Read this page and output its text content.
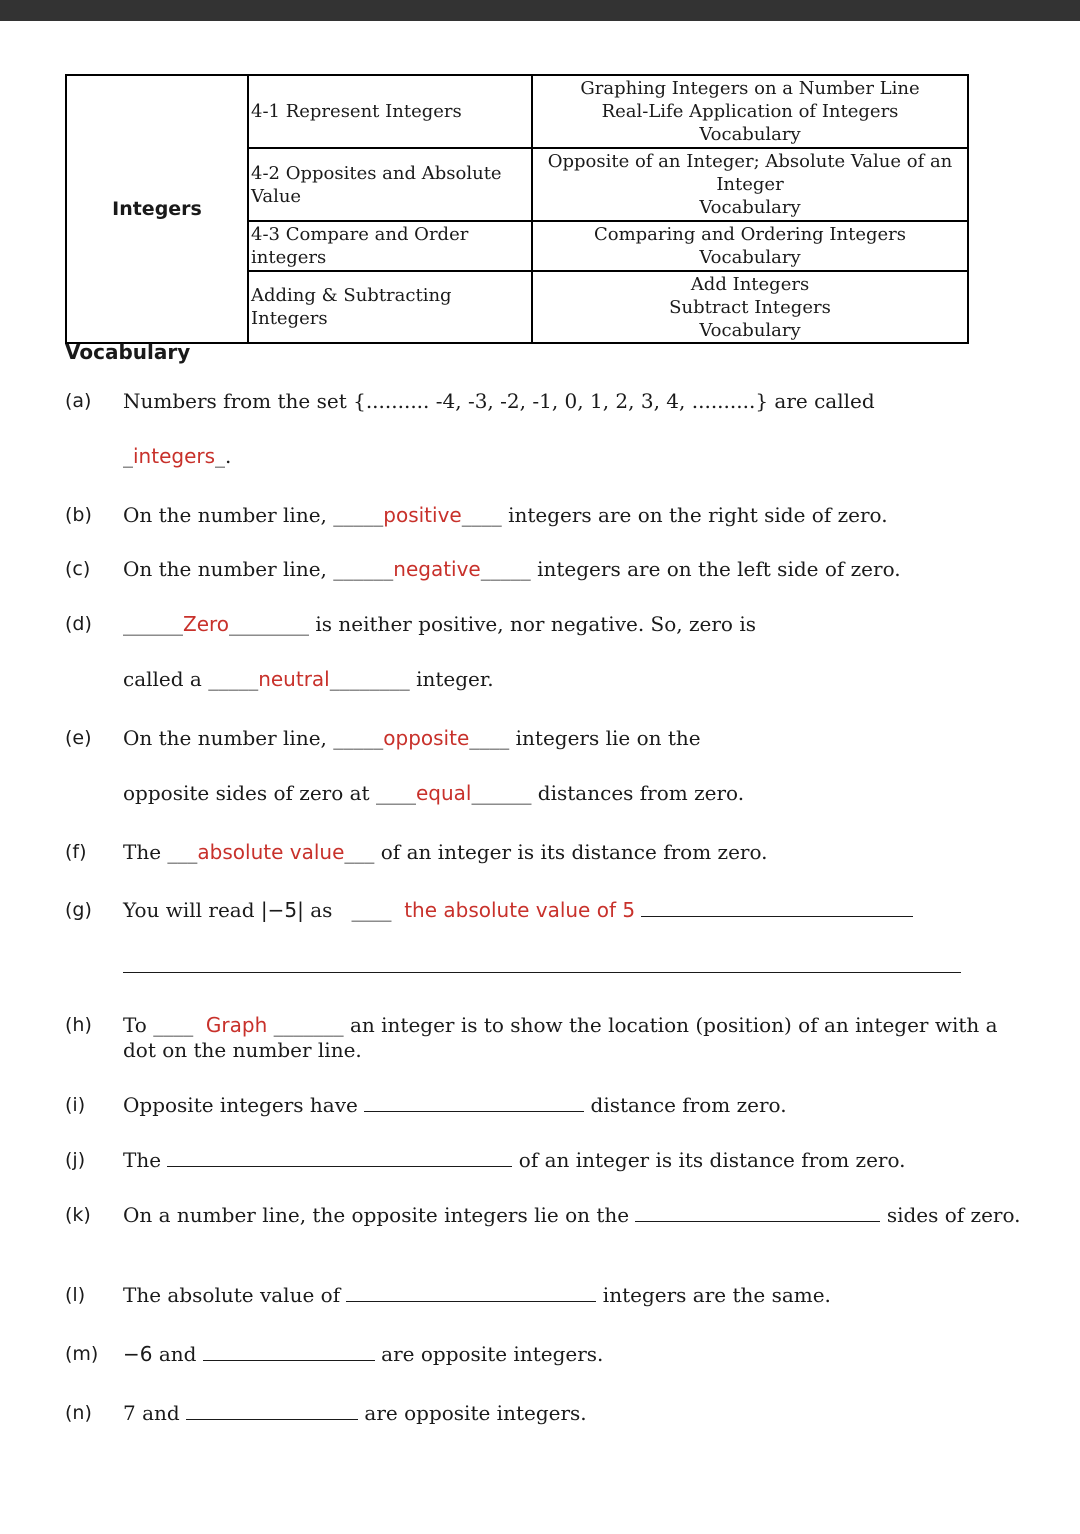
Integers	4-1 Represent Integers	Graphing Integers on a Number Line
Real-Life Application of Integers
Vocabulary

	4-2 Opposites and Absolute Value	Opposite of an Integer; Absolute Value of an
Integer
Vocabulary

	4-3 Compare and Order integers	Comparing and Ordering Integers
Vocabulary

	Adding & Subtracting Integers	Add Integers
Subtract Integers
Vocabulary
Vocabulary
(a) Numbers from the set {.......... -4, -3, -2, -1, 0, 1, 2, 3, 4, ..........} are called
_integers_.
(b) On the number line, _____positive____ integers are on the right side of zero.
(c) On the number line, ______negative_____ integers are on the left side of zero.
(d) ______Zero________ is neither positive, nor negative. So, zero is
called a _____neutral________ integer.
(e) On the number line, _____opposite____ integers lie on the
opposite sides of zero at ____equal______ distances from zero.
(f) The ___absolute value___ of an integer is its distance from zero.
(g) You will read |−5| as ____  the absolute value of 5
(h) To ____  Graph _______ an integer is to show the location (position) of an integer with a dot on the number line.
(i) Opposite integers have	distance from zero.
(j) The	of an integer is its distance from zero.
(k) On a number line, the opposite integers lie on the	sides of zero.
(l) The absolute value of	integers are the same.
(m) −6 and	are opposite integers.
(n) 7 and	are opposite integers.
